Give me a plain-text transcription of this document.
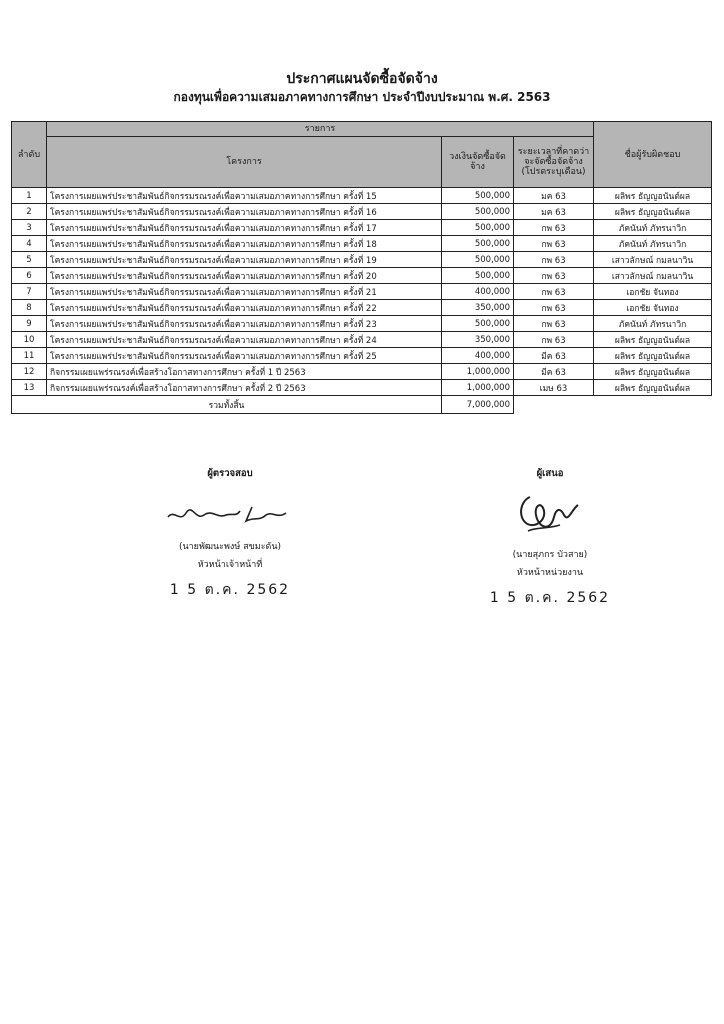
ประกาศแผนจัดซื้อจัดจ้าง
กองทุนเพื่อความเสมอภาคทางการศึกษา ประจำปีงบประมาณ พ.ศ. 2563
ลำดับ	รายการ			ชื่อผู้รับผิดชอบ
	โครงการ	วงเงินจัดซื้อจัดจ้าง	ระยะเวลาที่คาดว่าจะจัดซื้อจัดจ้าง (โปรดระบุเดือน)	
1	โครงการเผยแพร่ประชาสัมพันธ์กิจกรรมรณรงค์เพื่อความเสมอภาคทางการศึกษา ครั้งที่ 15	500,000	มค 63	ผลิพร ธัญญอนันต์ผล
2	โครงการเผยแพร่ประชาสัมพันธ์กิจกรรมรณรงค์เพื่อความเสมอภาคทางการศึกษา ครั้งที่ 16	500,000	มค 63	ผลิพร ธัญญอนันต์ผล
3	โครงการเผยแพร่ประชาสัมพันธ์กิจกรรมรณรงค์เพื่อความเสมอภาคทางการศึกษา ครั้งที่ 17	500,000	กพ 63	ภัคนันท์ ภัทรนาวิก
4	โครงการเผยแพร่ประชาสัมพันธ์กิจกรรมรณรงค์เพื่อความเสมอภาคทางการศึกษา ครั้งที่ 18	500,000	กพ 63	ภัคนันท์ ภัทรนาวิก
5	โครงการเผยแพร่ประชาสัมพันธ์กิจกรรมรณรงค์เพื่อความเสมอภาคทางการศึกษา ครั้งที่ 19	500,000	กพ 63	เสาวลักษณ์ กมลนาวิน
6	โครงการเผยแพร่ประชาสัมพันธ์กิจกรรมรณรงค์เพื่อความเสมอภาคทางการศึกษา ครั้งที่ 20	500,000	กพ 63	เสาวลักษณ์ กมลนาวิน
7	โครงการเผยแพร่ประชาสัมพันธ์กิจกรรมรณรงค์เพื่อความเสมอภาคทางการศึกษา ครั้งที่ 21	400,000	กพ 63	เอกชัย จันทอง
8	โครงการเผยแพร่ประชาสัมพันธ์กิจกรรมรณรงค์เพื่อความเสมอภาคทางการศึกษา ครั้งที่ 22	350,000	กพ 63	เอกชัย จันทอง
9	โครงการเผยแพร่ประชาสัมพันธ์กิจกรรมรณรงค์เพื่อความเสมอภาคทางการศึกษา ครั้งที่ 23	500,000	กพ 63	ภัคนันท์ ภัทรนาวิก
10	โครงการเผยแพร่ประชาสัมพันธ์กิจกรรมรณรงค์เพื่อความเสมอภาคทางการศึกษา ครั้งที่ 24	350,000	กพ 63	ผลิพร ธัญญอนันต์ผล
11	โครงการเผยแพร่ประชาสัมพันธ์กิจกรรมรณรงค์เพื่อความเสมอภาคทางการศึกษา ครั้งที่ 25	400,000	มีค 63	ผลิพร ธัญญอนันต์ผล
12	กิจกรรมเผยแพร่รณรงค์เพื่อสร้างโอกาสทางการศึกษา ครั้งที่ 1 ปี 2563	1,000,000	มีค 63	ผลิพร ธัญญอนันต์ผล
13	กิจกรรมเผยแพร่รณรงค์เพื่อสร้างโอกาสทางการศึกษา ครั้งที่ 2 ปี 2563	1,000,000	เมษ 63	ผลิพร ธัญญอนันต์ผล
รวมทั้งสิ้น		7,000,000		
ผู้ตรวจสอบ
(นายพัฒนะพงษ์ สขมะดัน)
หัวหน้าเจ้าหน้าที่
1 5 ต.ค. 2562
ผู้เสนอ
(นายสุภกร บัวสาย)
หัวหน้าหน่วยงาน
1 5 ต.ค. 2562
